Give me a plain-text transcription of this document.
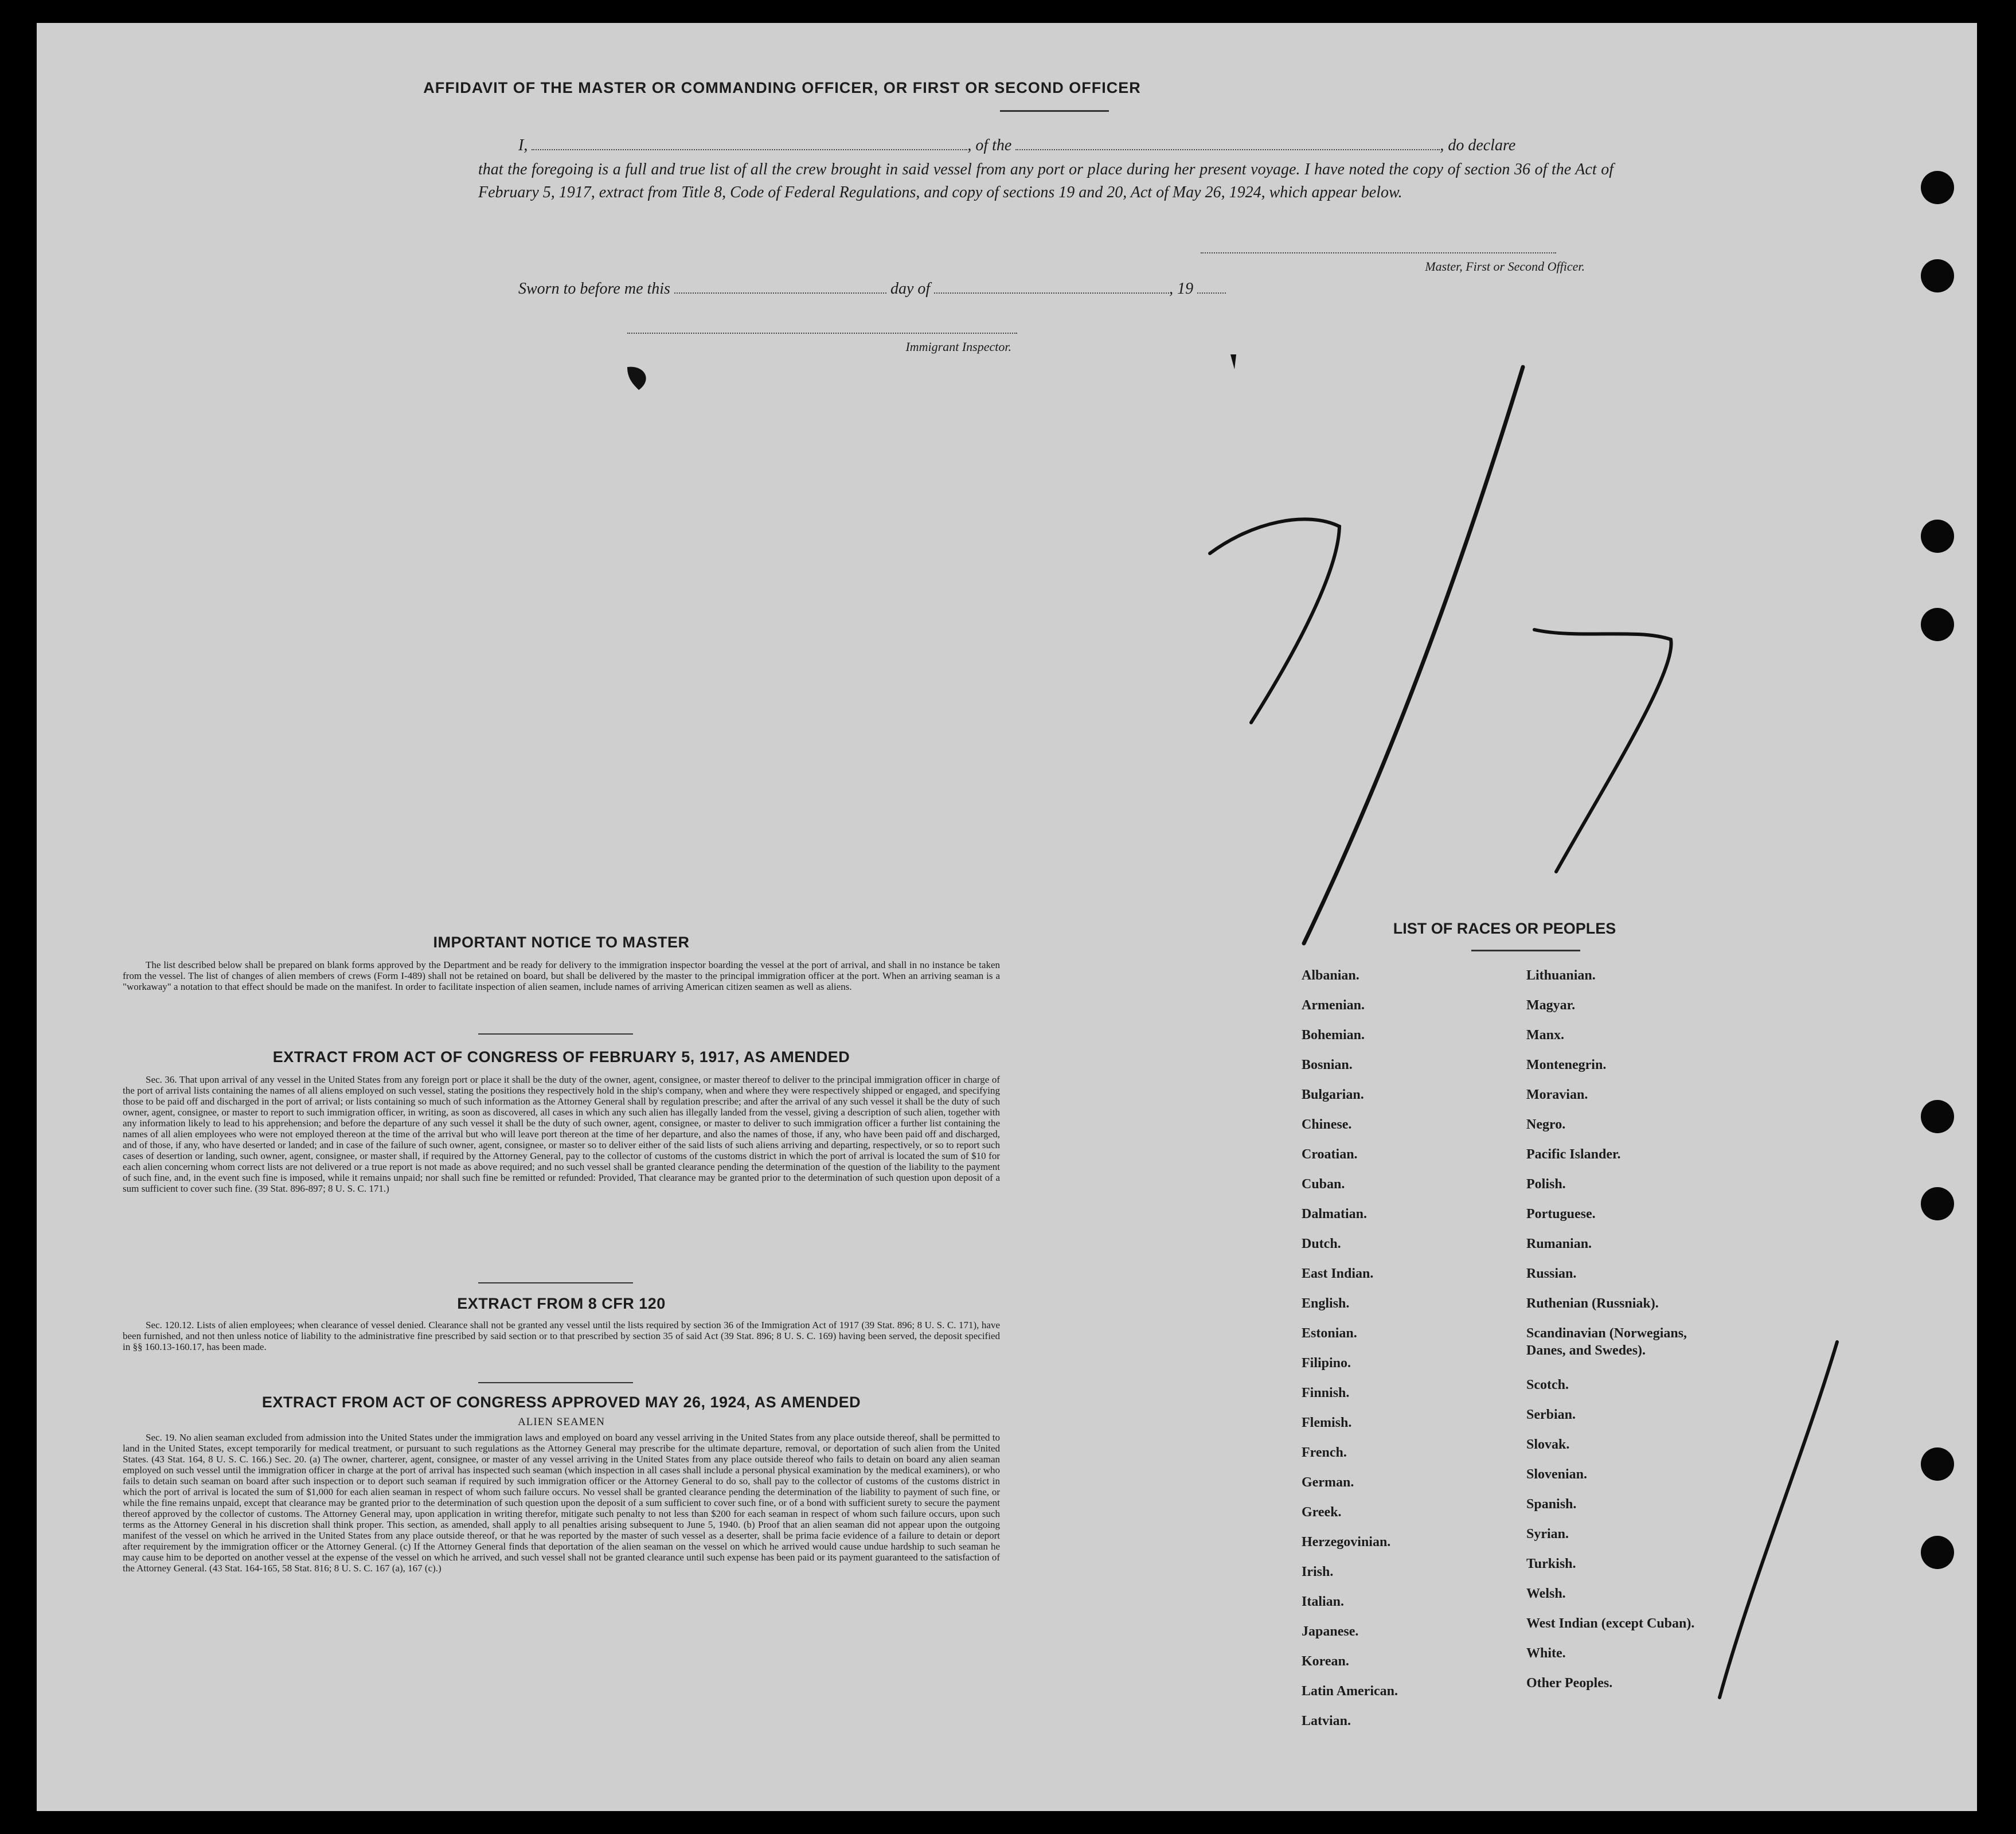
AFFIDAVIT OF THE MASTER OR COMMANDING OFFICER, OR FIRST OR SECOND OFFICER
I,	, of the	, do declare
that the foregoing is a full and true list of all the crew brought in said vessel from any port or place during her present voyage. I have noted the copy of section 36 of the Act of February 5, 1917, extract from Title 8, Code of Federal Regulations, and copy of sections 19 and 20, Act of May 26, 1924, which appear below.
Master, First or Second Officer.
Sworn to before me this	day of	, 19
Immigrant Inspector.
IMPORTANT NOTICE TO MASTER
The list described below shall be prepared on blank forms approved by the Department and be ready for delivery to the immigration inspector boarding the vessel at the port of arrival, and shall in no instance be taken from the vessel. The list of changes of alien members of crews (Form I-489) shall not be retained on board, but shall be delivered by the master to the principal immigration officer at the port. When an arriving seaman is a "workaway" a notation to that effect should be made on the manifest. In order to facilitate inspection of alien seamen, include names of arriving American citizen seamen as well as aliens.
EXTRACT FROM ACT OF CONGRESS OF FEBRUARY 5, 1917, AS AMENDED
Sec. 36. That upon arrival of any vessel in the United States from any foreign port or place it shall be the duty of the owner, agent, consignee, or master thereof to deliver to the principal immigration officer in charge of the port of arrival lists containing the names of all aliens employed on such vessel, stating the positions they respectively hold in the ship's company, when and where they were respectively shipped or engaged, and specifying those to be paid off and discharged in the port of arrival; or lists containing so much of such information as the Attorney General shall by regulation prescribe; and after the arrival of any such vessel it shall be the duty of such owner, agent, consignee, or master to report to such immigration officer, in writing, as soon as discovered, all cases in which any such alien has illegally landed from the vessel, giving a description of such alien, together with any information likely to lead to his apprehension; and before the departure of any such vessel it shall be the duty of such owner, agent, consignee, or master to deliver to such immigration officer a further list containing the names of all alien employees who were not employed thereon at the time of the arrival but who will leave port thereon at the time of her departure, and also the names of those, if any, who have been paid off and discharged, and of those, if any, who have deserted or landed; and in case of the failure of such owner, agent, consignee, or master so to deliver either of the said lists of such aliens arriving and departing, respectively, or so to report such cases of desertion or landing, such owner, agent, consignee, or master shall, if required by the Attorney General, pay to the collector of customs of the customs district in which the port of arrival is located the sum of $10 for each alien concerning whom correct lists are not delivered or a true report is not made as above required; and no such vessel shall be granted clearance pending the determination of the question of the liability to the payment of such fine, and, in the event such fine is imposed, while it remains unpaid; nor shall such fine be remitted or refunded: Provided, That clearance may be granted prior to the determination of such question upon deposit of a sum sufficient to cover such fine. (39 Stat. 896-897; 8 U. S. C. 171.)
EXTRACT FROM 8 CFR 120
Sec. 120.12. Lists of alien employees; when clearance of vessel denied. Clearance shall not be granted any vessel until the lists required by section 36 of the Immigration Act of 1917 (39 Stat. 896; 8 U. S. C. 171), have been furnished, and not then unless notice of liability to the administrative fine prescribed by said section or to that prescribed by section 35 of said Act (39 Stat. 896; 8 U. S. C. 169) having been served, the deposit specified in §§ 160.13-160.17, has been made.
EXTRACT FROM ACT OF CONGRESS APPROVED MAY 26, 1924, AS AMENDED
ALIEN SEAMEN
Sec. 19. No alien seaman excluded from admission into the United States under the immigration laws and employed on board any vessel arriving in the United States from any place outside thereof, shall be permitted to land in the United States, except temporarily for medical treatment, or pursuant to such regulations as the Attorney General may prescribe for the ultimate departure, removal, or deportation of such alien from the United States. (43 Stat. 164, 8 U. S. C. 166.) Sec. 20. (a) The owner, charterer, agent, consignee, or master of any vessel arriving in the United States from any place outside thereof who fails to detain on board any alien seaman employed on such vessel until the immigration officer in charge at the port of arrival has inspected such seaman (which inspection in all cases shall include a personal physical examination by the medical examiners), or who fails to detain such seaman on board after such inspection or to deport such seaman if required by such immigration officer or the Attorney General to do so, shall pay to the collector of customs of the customs district in which the port of arrival is located the sum of $1,000 for each alien seaman in respect of whom such failure occurs. No vessel shall be granted clearance pending the determination of the liability to payment of such fine, or while the fine remains unpaid, except that clearance may be granted prior to the determination of such question upon the deposit of a sum sufficient to cover such fine, or of a bond with sufficient surety to secure the payment thereof approved by the collector of customs. The Attorney General may, upon application in writing therefor, mitigate such penalty to not less than $200 for each seaman in respect of whom such failure occurs, upon such terms as the Attorney General in his discretion shall think proper. This section, as amended, shall apply to all penalties arising subsequent to June 5, 1940. (b) Proof that an alien seaman did not appear upon the outgoing manifest of the vessel on which he arrived in the United States from any place outside thereof, or that he was reported by the master of such vessel as a deserter, shall be prima facie evidence of a failure to detain or deport after requirement by the immigration officer or the Attorney General. (c) If the Attorney General finds that deportation of the alien seaman on the vessel on which he arrived would cause undue hardship to such seaman he may cause him to be deported on another vessel at the expense of the vessel on which he arrived, and such vessel shall not be granted clearance until such expense has been paid or its payment guaranteed to the satisfaction of the Attorney General. (43 Stat. 164-165, 58 Stat. 816; 8 U. S. C. 167 (a), 167 (c).)
LIST OF RACES OR PEOPLES
Albanian.
Armenian.
Bohemian.
Bosnian.
Bulgarian.
Chinese.
Croatian.
Cuban.
Dalmatian.
Dutch.
East Indian.
English.
Estonian.
Filipino.
Finnish.
Flemish.
French.
German.
Greek.
Herzegovinian.
Irish.
Italian.
Japanese.
Korean.
Latin American.
Latvian.
Lithuanian.
Magyar.
Manx.
Montenegrin.
Moravian.
Negro.
Pacific Islander.
Polish.
Portuguese.
Rumanian.
Russian.
Ruthenian (Russniak).
Scandinavian (Norwegians,
Danes, and Swedes).
Scotch.
Serbian.
Slovak.
Slovenian.
Spanish.
Syrian.
Turkish.
Welsh.
West Indian (except Cuban).
White.
Other Peoples.
